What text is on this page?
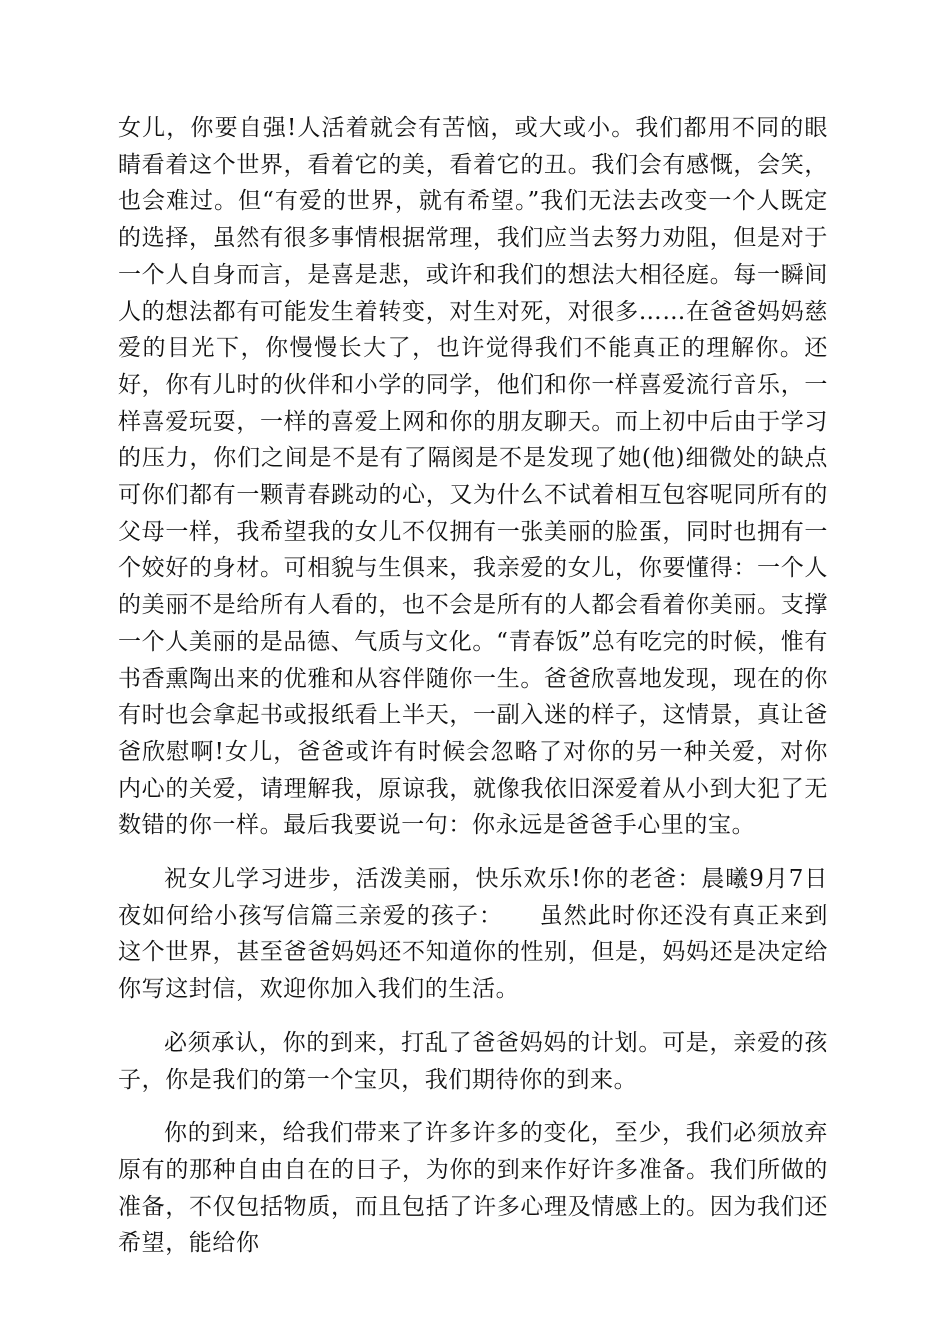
女儿，你要自强!人活着就会有苦恼，或大或小。我们都用不同的眼睛看着这个世界，看着它的美，看着它的丑。我们会有感慨，会笑，也会难过。但“有爱的世界，就有希望。”我们无法去改变一个人既定的选择，虽然有很多事情根据常理，我们应当去努力劝阻，但是对于一个人自身而言，是喜是悲，或许和我们的想法大相径庭。每一瞬间人的想法都有可能发生着转变，对生对死，对很多……在爸爸妈妈慈爱的目光下，你慢慢长大了，也许觉得我们不能真正的理解你。还好，你有儿时的伙伴和小学的同学，他们和你一样喜爱流行音乐，一样喜爱玩耍，一样的喜爱上网和你的朋友聊天。而上初中后由于学习的压力，你们之间是不是有了隔阂是不是发现了她(他)细微处的缺点可你们都有一颗青春跳动的心，又为什么不试着相互包容呢同所有的父母一样，我希望我的女儿不仅拥有一张美丽的脸蛋，同时也拥有一个姣好的身材。可相貌与生俱来，我亲爱的女儿，你要懂得：一个人的美丽不是给所有人看的，也不会是所有的人都会看着你美丽。支撑一个人美丽的是品德、气质与文化。“青春饭”总有吃完的时候，惟有书香熏陶出来的优雅和从容伴随你一生。爸爸欣喜地发现，现在的你有时也会拿起书或报纸看上半天，一副入迷的样子，这情景，真让爸爸欣慰啊!女儿，爸爸或许有时候会忽略了对你的另一种关爱，对你内心的关爱，请理解我，原谅我，就像我依旧深爱着从小到大犯了无数错的你一样。最后我要说一句：你永远是爸爸手心里的宝。

祝女儿学习进步，活泼美丽，快乐欢乐!你的老爸：晨曦9月7日夜如何给小孩写信篇三亲爱的孩子：　　虽然此时你还没有真正来到这个世界，甚至爸爸妈妈还不知道你的性别，但是，妈妈还是决定给你写这封信，欢迎你加入我们的生活。

必须承认，你的到来，打乱了爸爸妈妈的计划。可是，亲爱的孩子，你是我们的第一个宝贝，我们期待你的到来。

你的到来，给我们带来了许多许多的变化，至少，我们必须放弃原有的那种自由自在的日子，为你的到来作好许多准备。我们所做的准备，不仅包括物质，而且包括了许多心理及情感上的。因为我们还希望，能给你
